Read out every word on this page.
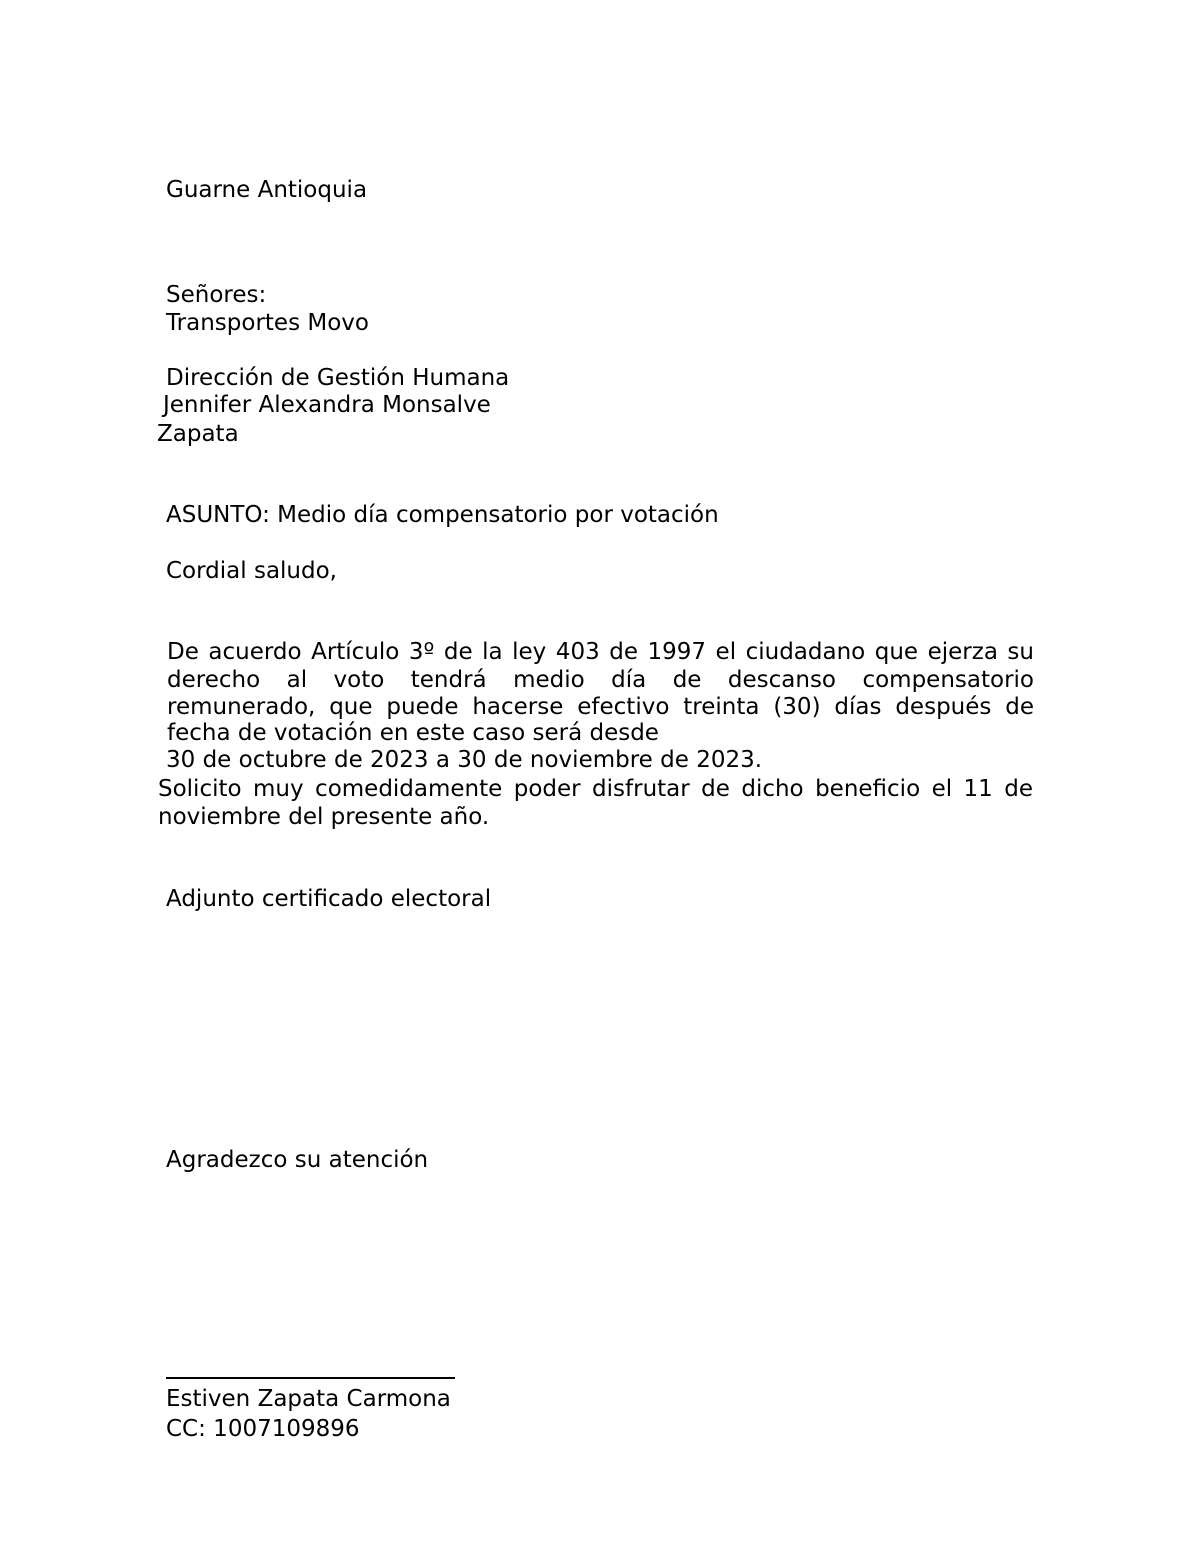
Guarne Antioquia
Señores:
Transportes Movo
Dirección de Gestión Humana
Jennifer Alexandra Monsalve
Zapata
ASUNTO: Medio día compensatorio por votación
Cordial saludo,
De acuerdo Artículo 3º de la ley 403 de 1997 el ciudadano que ejerza su
derecho al voto tendrá medio día de descanso compensatorio
remunerado, que puede hacerse efectivo treinta (30) días después de
fecha de votación en este caso será desde
30 de octubre de 2023 a 30 de noviembre de 2023.
Solicito muy comedidamente poder disfrutar de dicho beneficio el 11 de
noviembre del presente año.
Adjunto certificado electoral
Agradezco su atención
Estiven Zapata Carmona
CC: 1007109896
